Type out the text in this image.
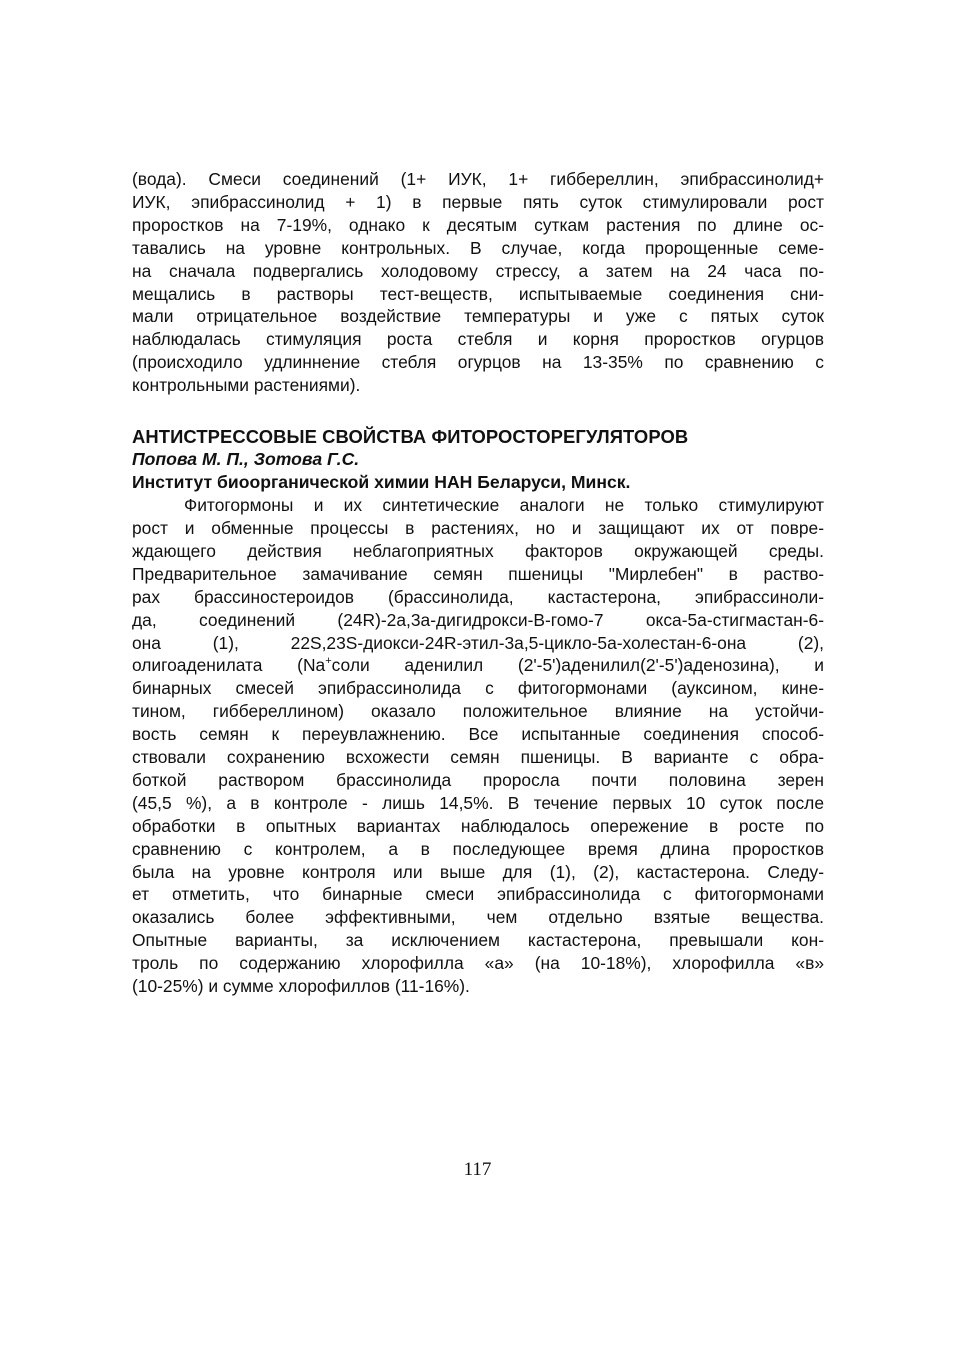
(вода). Смеси соединений (1+ ИУК, 1+ гиббереллин, эпибрассинолид+
ИУК, эпибрассинолид + 1) в первые пять суток стимулировали рост
проростков на 7-19%, однако к десятым суткам растения по длине ос-
тавались на уровне контрольных. В случае, когда пророщенные семе-
на сначала подвергались холодовому стрессу, а затем на 24 часа по-
мещались в растворы тест-веществ, испытываемые соединения сни-
мали отрицательное воздействие температуры и уже с пятых суток
наблюдалась стимуляция роста стебля и корня проростков огурцов
(происходило удлиннение стебля огурцов на 13-35% по сравнению с
контрольными растениями).

АНТИСТРЕССОВЫЕ СВОЙСТВА ФИТОРОСТОРЕГУЛЯТОРОВ

Попова М. П., Зотова Г.С.

Институт биоорганической химии НАН Беларуси, Минск.

Фитогормоны и их синтетические аналоги не только стимулируют
рост и обменные процессы в растениях, но и защищают их от повре-
ждающего действия неблагоприятных факторов окружающей среды.
Предварительное замачивание семян пшеницы "Мирлебен" в раство-
рах брассиностероидов (брассинолида, кастастерона, эпибрассиноли-
да, соединений (24R)-2а,3а-дигидрокси-В-гомо-7 окса-5а-стигмастан-6-
она (1), 22S,23S-диокси-24R-этил-3а,5-цикло-5а-холестан-6-она (2),
олигоаденилата (Na+соли аденилил (2'-5')аденилил(2'-5')аденозина), и
бинарных смесей эпибрассинолида с фитогормонами (ауксином, кине-
тином, гиббереллином) оказало положительное влияние на устойчи-
вость семян к переувлажнению. Все испытанные соединения способ-
ствовали сохранению всхожести семян пшеницы. В варианте с обра-
боткой раствором брассинолида проросла почти половина зерен
(45,5 %), а в контроле - лишь 14,5%. В течение первых 10 суток после
обработки в опытных вариантах наблюдалось опережение в росте по
сравнению с контролем, а в последующее время длина проростков
была на уровне контроля или выше для (1), (2), кастастерона. Следу-
ет отметить, что бинарные смеси эпибрассинолида с фитогормонами
оказались более эффективными, чем отдельно взятые вещества.
Опытные варианты, за исключением кастастерона, превышали кон-
троль по содержанию хлорофилла «а» (на 10-18%), хлорофилла «в»
(10-25%) и сумме хлорофиллов (11-16%).

117
